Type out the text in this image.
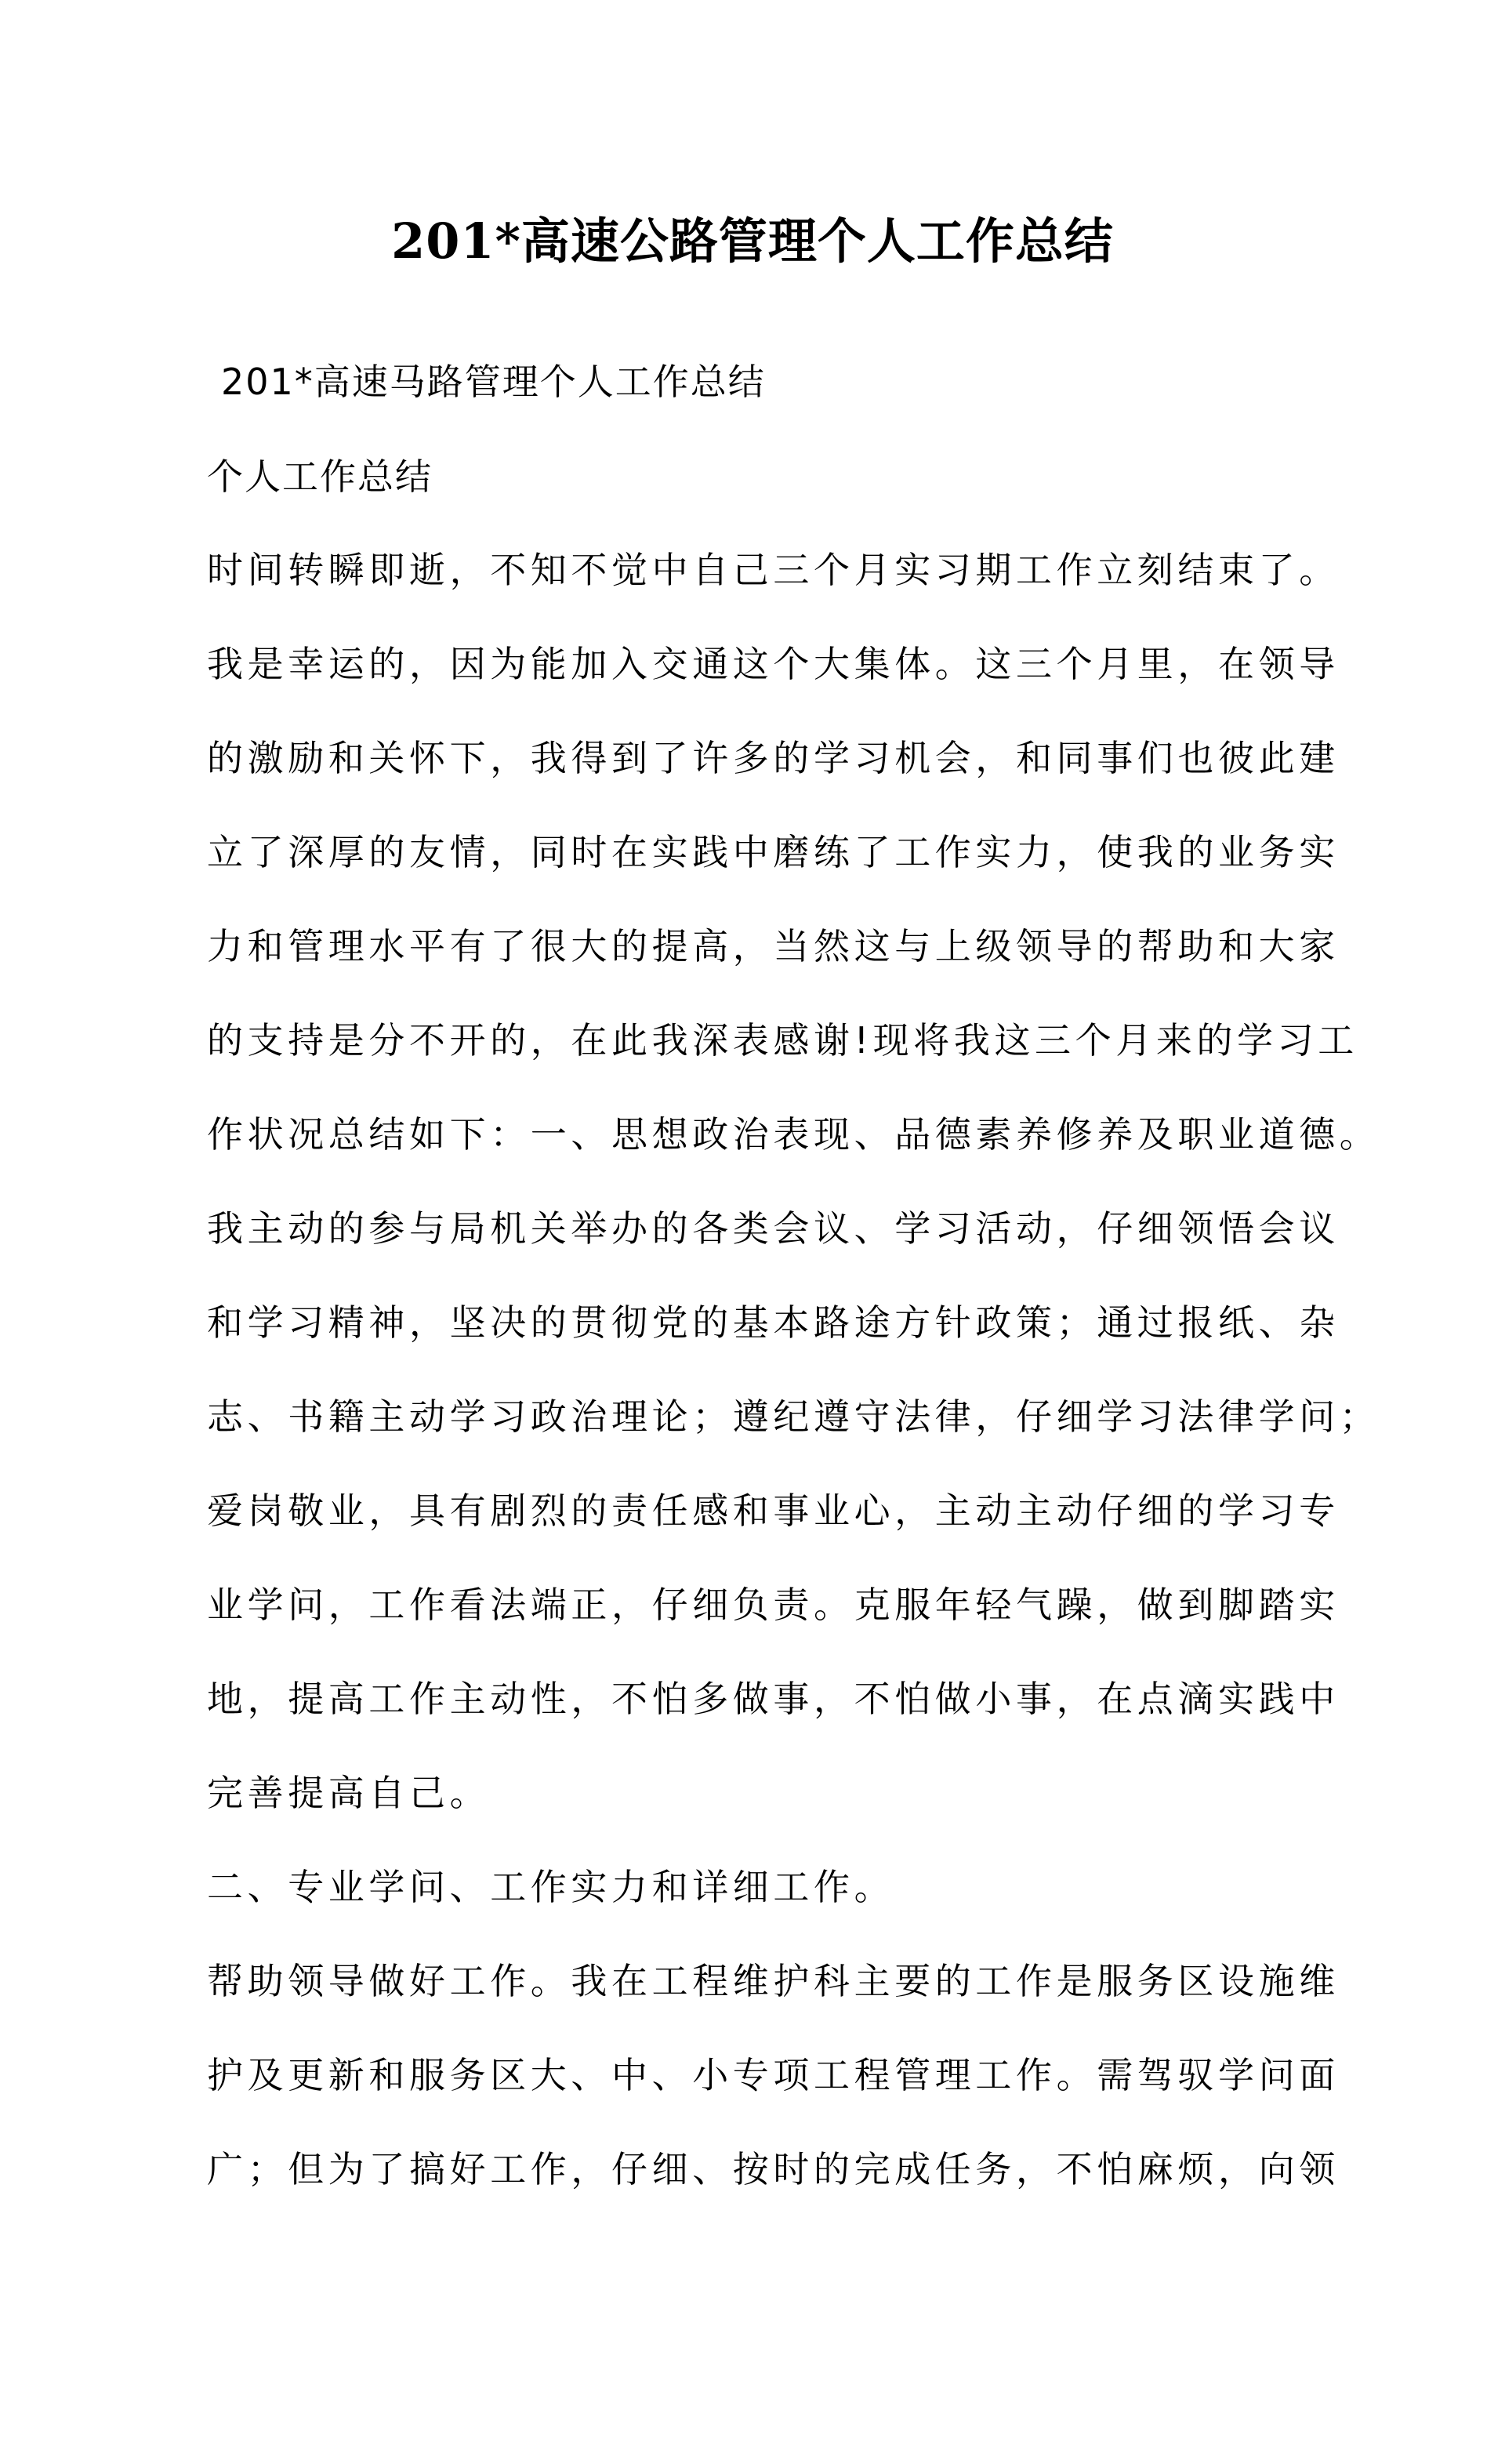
201*高速公路管理个人工作总结
201*高速马路管理个人工作总结
个人工作总结
时间转瞬即逝，不知不觉中自己三个月实习期工作立刻结束了。
我是幸运的，因为能加入交通这个大集体。这三个月里，在领导
的激励和关怀下，我得到了许多的学习机会，和同事们也彼此建
立了深厚的友情，同时在实践中磨练了工作实力，使我的业务实
力和管理水平有了很大的提高，当然这与上级领导的帮助和大家
的支持是分不开的，在此我深表感谢!现将我这三个月来的学习工
作状况总结如下：一、思想政治表现、品德素养修养及职业道德。
我主动的参与局机关举办的各类会议、学习活动，仔细领悟会议
和学习精神，坚决的贯彻党的基本路途方针政策；通过报纸、杂
志、书籍主动学习政治理论；遵纪遵守法律，仔细学习法律学问；
爱岗敬业，具有剧烈的责任感和事业心，主动主动仔细的学习专
业学问，工作看法端正，仔细负责。克服年轻气躁，做到脚踏实
地，提高工作主动性，不怕多做事，不怕做小事，在点滴实践中
完善提高自己。
二、专业学问、工作实力和详细工作。
帮助领导做好工作。我在工程维护科主要的工作是服务区设施维
护及更新和服务区大、中、小专项工程管理工作。需驾驭学问面
广；但为了搞好工作，仔细、按时的完成任务，不怕麻烦，向领
